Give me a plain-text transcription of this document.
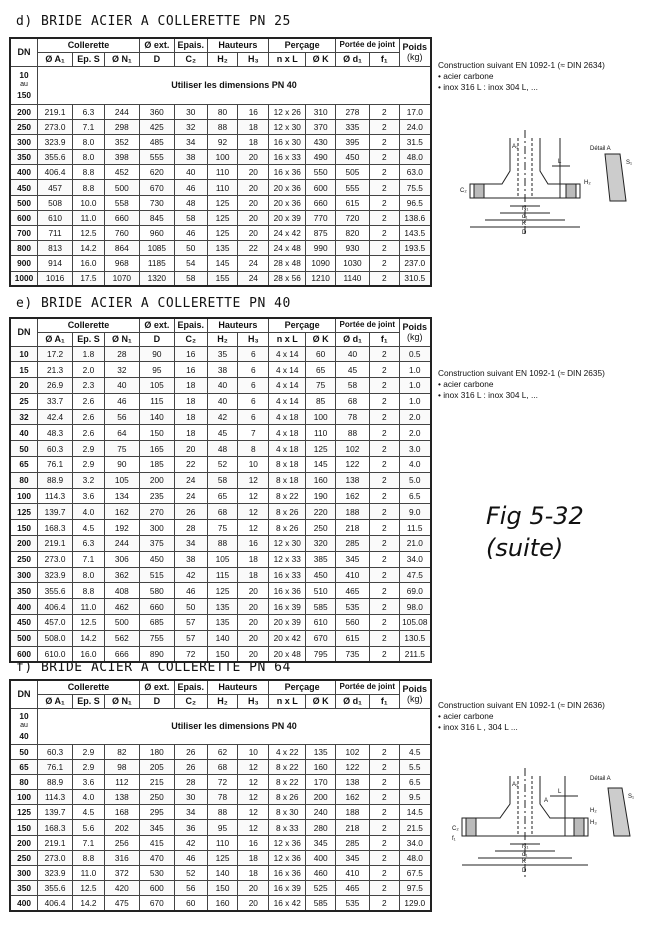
d) BRIDE ACIER A COLLERETTE PN 25
e) BRIDE ACIER A COLLERETTE PN 40
f) BRIDE ACIER A COLLERETTE PN 64
DN	Collerette			Ø ext.	Epais.	Hauteurs		Perçage		Portée de joint		Poids
(kg)

	Ø A₁	Ep. S	Ø N₁	D	C₂	H₂	H₃	n x L	Ø K	Ø d₁	f₁	

10
au
150	Utiliser les dimensions PN 40											
200	219.1	6.3	244	360	30	80	16	12 x 26	310	278	2	17.0
250	273.0	7.1	298	425	32	88	18	12 x 30	370	335	2	24.0
300	323.9	8.0	352	485	34	92	18	16 x 30	430	395	2	31.5
350	355.6	8.0	398	555	38	100	20	16 x 33	490	450	2	48.0
400	406.4	8.8	452	620	40	110	20	16 x 36	550	505	2	63.0
450	457	8.8	500	670	46	110	20	20 x 36	600	555	2	75.5
500	508	10.0	558	730	48	125	20	20 x 36	660	615	2	96.5
600	610	11.0	660	845	58	125	20	20 x 39	770	720	2	138.6
700	711	12.5	760	960	46	125	20	24 x 42	875	820	2	143.5
800	813	14.2	864	1085	50	135	22	24 x 48	990	930	2	193.5
900	914	16.0	968	1185	54	145	24	28 x 48	1090	1030	2	237.0
1000	1016	17.5	1070	1320	58	155	24	28 x 56	1210	1140	2	310.5
DN	Collerette			Ø ext.	Epais.	Hauteurs		Perçage		Portée de joint		Poids
(kg)

	Ø A₁	Ep. S	Ø N₁	D	C₂	H₂	H₃	n x L	Ø K	Ø d₁	f₁	
10	17.2	1.8	28	90	16	35	6	4 x 14	60	40	2	0.5
15	21.3	2.0	32	95	16	38	6	4 x 14	65	45	2	1.0
20	26.9	2.3	40	105	18	40	6	4 x 14	75	58	2	1.0
25	33.7	2.6	46	115	18	40	6	4 x 14	85	68	2	1.0
32	42.4	2.6	56	140	18	42	6	4 x 18	100	78	2	2.0
40	48.3	2.6	64	150	18	45	7	4 x 18	110	88	2	2.0
50	60.3	2.9	75	165	20	48	8	4 x 18	125	102	2	3.0
65	76.1	2.9	90	185	22	52	10	8 x 18	145	122	2	4.0
80	88.9	3.2	105	200	24	58	12	8 x 18	160	138	2	5.0
100	114.3	3.6	134	235	24	65	12	8 x 22	190	162	2	6.5
125	139.7	4.0	162	270	26	68	12	8 x 26	220	188	2	9.0
150	168.3	4.5	192	300	28	75	12	8 x 26	250	218	2	11.5
200	219.1	6.3	244	375	34	88	16	12 x 30	320	285	2	21.0
250	273.0	7.1	306	450	38	105	18	12 x 33	385	345	2	34.0
300	323.9	8.0	362	515	42	115	18	16 x 33	450	410	2	47.5
350	355.6	8.8	408	580	46	125	20	16 x 36	510	465	2	69.0
400	406.4	11.0	462	660	50	135	20	16 x 39	585	535	2	98.0
450	457.0	12.5	500	685	57	135	20	20 x 39	610	560	2	105.08
500	508.0	14.2	562	755	57	140	20	20 x 42	670	615	2	130.5
600	610.0	16.0	666	890	72	150	20	20 x 48	795	735	2	211.5
DN	Collerette			Ø ext.	Epais.	Hauteurs		Perçage		Portée de joint		Poids
(kg)

	Ø A₁	Ep. S	Ø N₁	D	C₂	H₂	H₃	n x L	Ø K	Ø d₁	f₁	

10
au
40	Utiliser les dimensions PN 40											
50	60.3	2.9	82	180	26	62	10	4 x 22	135	102	2	4.5
65	76.1	2.9	98	205	26	68	12	8 x 22	160	122	2	5.5
80	88.9	3.6	112	215	28	72	12	8 x 22	170	138	2	6.5
100	114.3	4.0	138	250	30	78	12	8 x 26	200	162	2	9.5
125	139.7	4.5	168	295	34	88	12	8 x 30	240	188	2	14.5
150	168.3	5.6	202	345	36	95	12	8 x 33	280	218	2	21.5
200	219.1	7.1	256	415	42	110	16	12 x 36	345	285	2	34.0
250	273.0	8.8	316	470	46	125	18	12 x 36	400	345	2	48.0
300	323.9	11.0	372	530	52	140	18	16 x 36	460	410	2	67.5
350	355.6	12.5	420	600	56	150	20	16 x 39	525	465	2	97.5
400	406.4	14.2	475	670	60	160	20	16 x 42	585	535	2	129.0
Construction suivant EN 1092-1 (≈ DIN 2634)
• acier carbone
• inox 316 L : inox 304 L, ...
Construction suivant EN 1092-1 (≈ DIN 2635)
• acier carbone
• inox 316 L : inox 304 L, ...
Construction suivant EN 1092-1 (≈ DIN 2636)
• acier carbone
• inox 316 L , 304 L ...
Fig 5-32
(suite)
A₁	Détail A
S₁
N₁
d₁
K
D
L
C₂
H₂
A₁
Détail A
S₁
N₁
d₁
K
D
L
C₂
f₁
H₂
H₃
A
